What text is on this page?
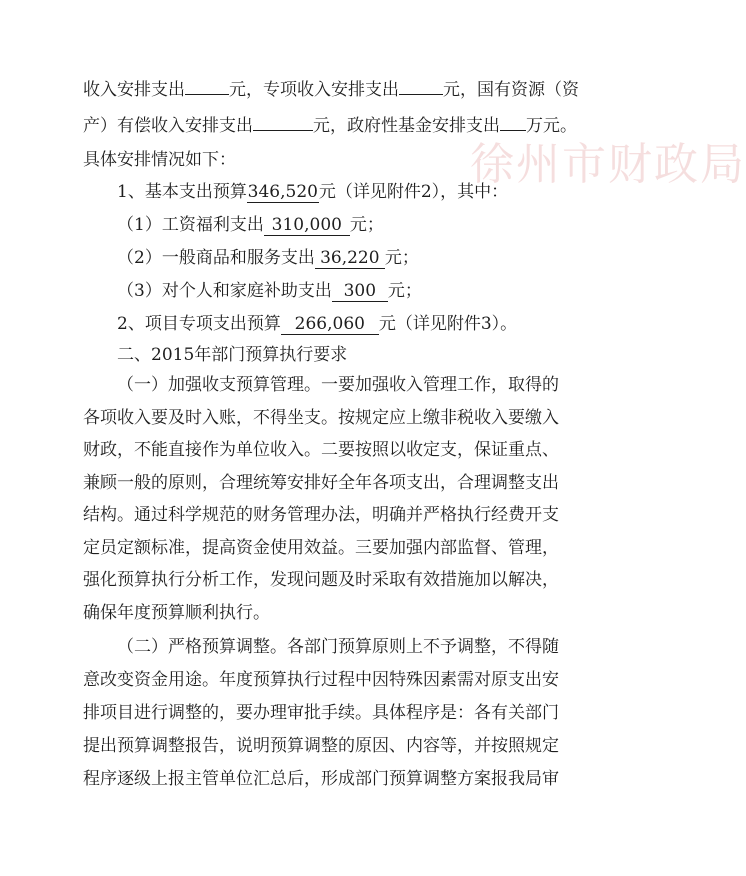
徐州市财政局
收入安排支出	元，专项收入安排支出	元，国有资源（资
产）有偿收入安排支出	元，政府性基金安排支出 万元。
具体安排情况如下：
1、基本支出预算346,520元（详见附件2），其中：
（1）工资福利支出 310,000 元；
（2）一般商品和服务支出 36,220 元；
（3）对个人和家庭补助支出 300 元；
2、项目专项支出预算 266,060 元（详见附件3）。
二、2015年部门预算执行要求
（一）加强收支预算管理。一要加强收入管理工作，取得的
各项收入要及时入账，不得坐支。按规定应上缴非税收入要缴入
财政，不能直接作为单位收入。二要按照以收定支，保证重点、
兼顾一般的原则，合理统筹安排好全年各项支出，合理调整支出
结构。通过科学规范的财务管理办法，明确并严格执行经费开支
定员定额标准，提高资金使用效益。三要加强内部监督、管理，
强化预算执行分析工作，发现问题及时采取有效措施加以解决，
确保年度预算顺利执行。
（二）严格预算调整。各部门预算原则上不予调整，不得随
意改变资金用途。年度预算执行过程中因特殊因素需对原支出安
排项目进行调整的，要办理审批手续。具体程序是：各有关部门
提出预算调整报告，说明预算调整的原因、内容等，并按照规定
程序逐级上报主管单位汇总后，形成部门预算调整方案报我局审
